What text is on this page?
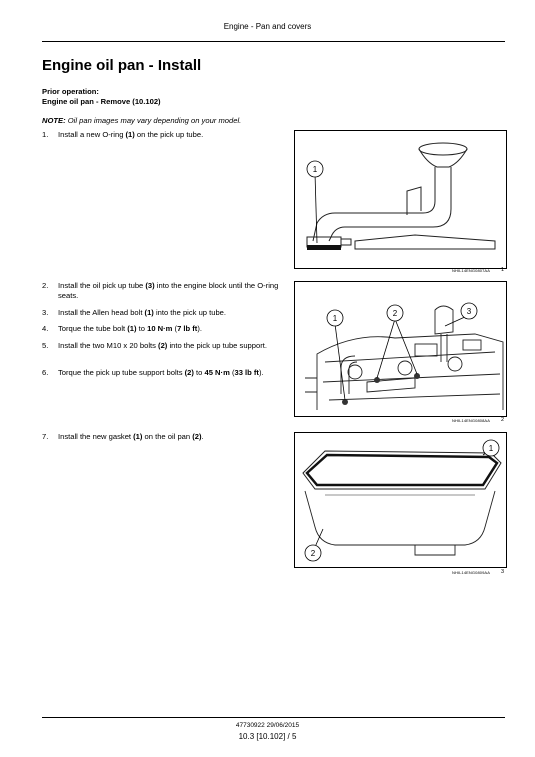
Engine - Pan and covers
Engine oil pan - Install
Prior operation:
Engine oil pan - Remove (10.102)
NOTE: Oil pan images may vary depending on your model.
1. Install a new O-ring (1) on the pick up tube.
2. Install the oil pick up tube (3) into the engine block until the O-ring seats.
3. Install the Allen head bolt (1) into the pick up tube.
4. Torque the tube bolt (1) to 10 N·m (7 lb ft).
5. Install the two M10 x 20 bolts (2) into the pick up tube support.
6. Torque the pick up tube support bolts (2) to 45 N·m (33 lb ft).
7. Install the new gasket (1) on the oil pan (2).
1
NHIL14ENG0807AA 1
1
2	3
NHIL14ENG0808AA 2
1
2
NHIL14ENG0809AA 3
47730922 29/06/2015
10.3 [10.102] / 5
